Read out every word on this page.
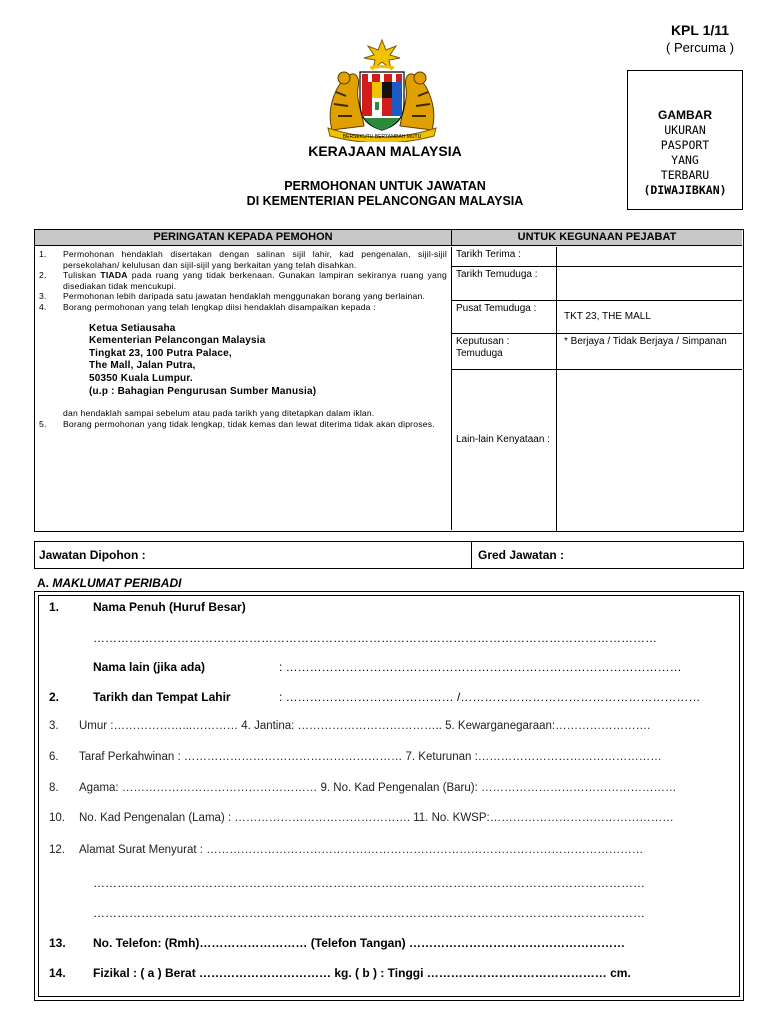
KPL 1/11
( Percuma )
BERSEKUTU BERTAMBAH MUTU
KERAJAAN MALAYSIA
PERMOHONAN UNTUK JAWATAN
DI KEMENTERIAN PELANCONGAN MALAYSIA
GAMBAR
UKURAN
PASPORT
YANG
TERBARU
(DIWAJIBKAN)
PERINGATAN KEPADA PEMOHON	UNTUK KEGUNAAN PEJABAT
1. Permohonan hendaklah disertakan dengan salinan sijil lahir, kad pengenalan, sijil-sijil persekolahan/ kelulusan dan sijil-sijil yang berkaitan yang telah disahkan.
2. Tuliskan TIADA pada ruang yang tidak berkenaan. Gunakan lampiran sekiranya ruang yang disediakan tidak mencukupi.
3. Permohonan lebih daripada satu jawatan hendaklah menggunakan borang yang berlainan.
4. Borang permohonan yang telah lengkap diisi hendaklah disampaikan kepada :
Ketua Setiausaha
Kementerian Pelancongan Malaysia
Tingkat 23, 100 Putra Palace,
The Mall, Jalan Putra,
50350 Kuala Lumpur.
(u.p : Bahagian Pengurusan Sumber Manusia)
dan hendaklah sampai sebelum atau pada tarikh yang ditetapkan dalam iklan.
5. Borang permohonan yang tidak lengkap, tidak kemas dan lewat diterima tidak akan diproses.
Tarikh Terima :
Tarikh Temuduga :
Pusat Temuduga :
TKT 23, THE MALL
Keputusan : Temuduga
* Berjaya / Tidak Berjaya / Simpanan
Lain-lain Kenyataan :
Jawatan Dipohon :	Gred Jawatan :
A. MAKLUMAT PERIBADI
1.	Nama Penuh (Huruf Besar)
……………………………………………………………………………………………………………………………
Nama lain (jika ada)	: ………………………………………………………………………………………
2.	Tarikh dan Tempat Lahir	: …………………………………… /……………………………………………………
3. Umur :………………...………… 4. Jantina: ……………………………….. 5. Kewarganegaraan:…………………….
6. Taraf Perkahwinan : ………………………………………………… 7. Keturunan :…………………………………………
8. Agama: …………………………………………… 9. No. Kad Pengenalan (Baru): ……………………………………………
10. No. Kad Pengenalan (Lama) : ………………………………………. 11. No. KWSP:…………………………………………
12. Alamat Surat Menyurat : ……………………………………………………………………………………………………
…………………………………………………………………………………………………………………………
…………………………………………………………………………………………………………………………
13. No. Telefon: (Rmh)……………………… (Telefon Tangan) ………………………………………………
14. Fizikal : ( a ) Berat …………………………… kg. ( b ) : Tinggi ……………………………………… cm.
